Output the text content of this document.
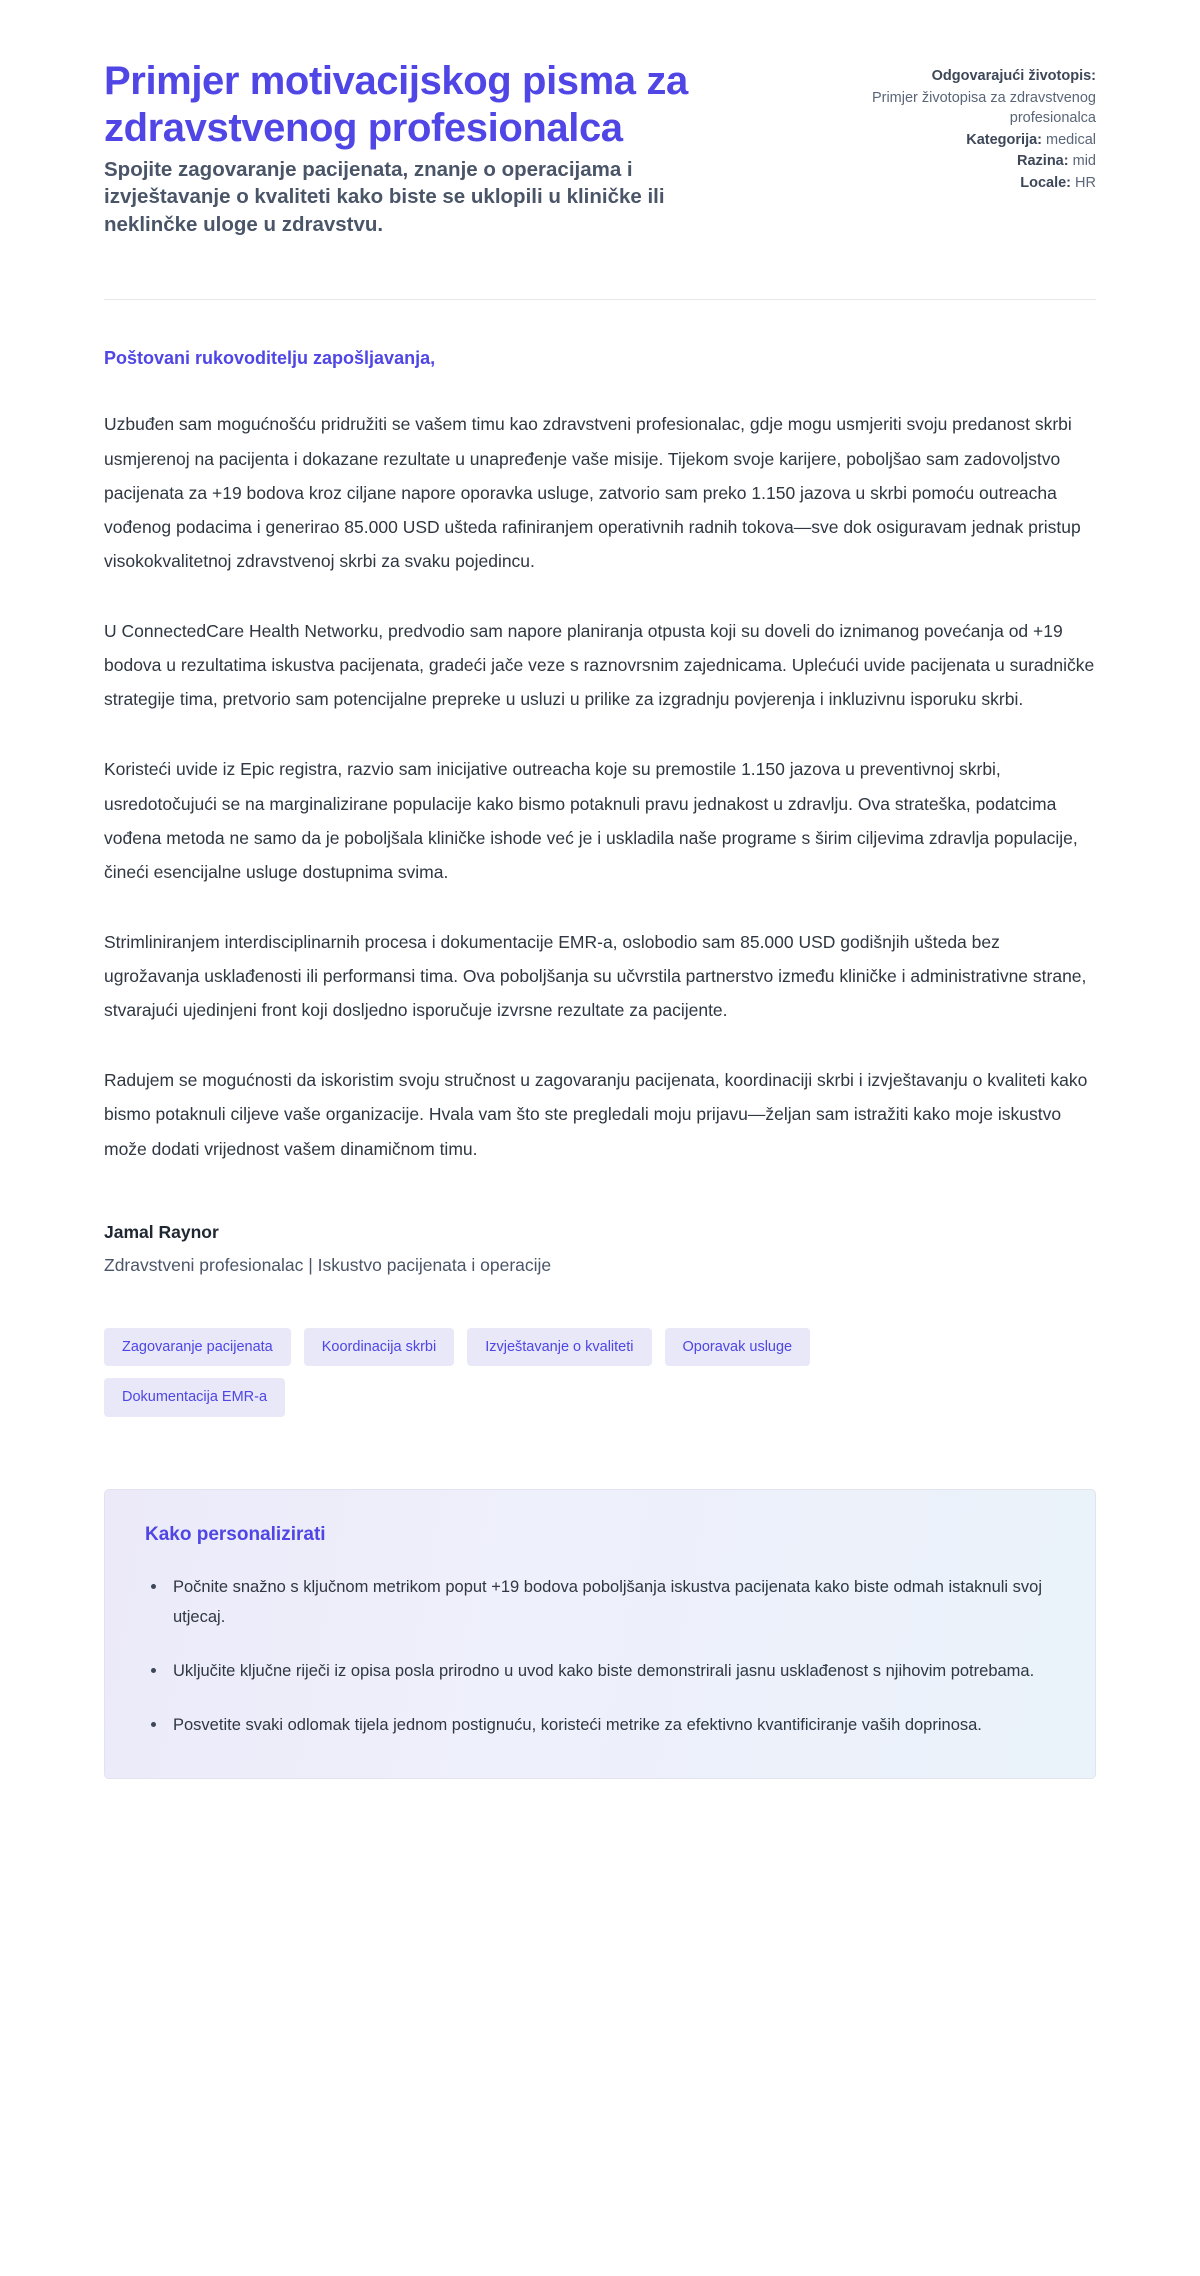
Primjer motivacijskog pisma za zdravstvenog profesionalca

Spojite zagovaranje pacijenata, znanje o operacijama i izvještavanje o kvaliteti kako biste se uklopili u kliničke ili neklinčke uloge u zdravstvu.

Odgovarajući životopis:
Primjer životopisa za zdravstvenog profesionalca
Kategorija: medical
Razina: mid
Locale: HR

Poštovani rukovoditelju zapošljavanja,

Uzbuđen sam mogućnošću pridružiti se vašem timu kao zdravstveni profesionalac, gdje mogu usmjeriti svoju predanost skrbi usmjerenoj na pacijenta i dokazane rezultate u unapređenje vaše misije. Tijekom svoje karijere, poboljšao sam zadovoljstvo pacijenata za +19 bodova kroz ciljane napore oporavka usluge, zatvorio sam preko 1.150 jazova u skrbi pomoću outreacha vođenog podacima i generirao 85.000 USD ušteda rafiniranjem operativnih radnih tokova—sve dok osiguravam jednak pristup visokokvalitetnoj zdravstvenoj skrbi za svaku pojedincu.

U ConnectedCare Health Networku, predvodio sam napore planiranja otpusta koji su doveli do iznimanog povećanja od +19 bodova u rezultatima iskustva pacijenata, gradeći jače veze s raznovrsnim zajednicama. Uplećući uvide pacijenata u suradničke strategije tima, pretvorio sam potencijalne prepreke u usluzi u prilike za izgradnju povjerenja i inkluzivnu isporuku skrbi.

Koristeći uvide iz Epic registra, razvio sam inicijative outreacha koje su premostile 1.150 jazova u preventivnoj skrbi, usredotočujući se na marginalizirane populacije kako bismo potaknuli pravu jednakost u zdravlju. Ova strateška, podatcima vođena metoda ne samo da je poboljšala kliničke ishode već je i uskladila naše programe s širim ciljevima zdravlja populacije, čineći esencijalne usluge dostupnima svima.

Strimliniranjem interdisciplinarnih procesa i dokumentacije EMR-a, oslobodio sam 85.000 USD godišnjih ušteda bez ugrožavanja usklađenosti ili performansi tima. Ova poboljšanja su učvrstila partnerstvo između kliničke i administrativne strane, stvarajući ujedinjeni front koji dosljedno isporučuje izvrsne rezultate za pacijente.

Radujem se mogućnosti da iskoristim svoju stručnost u zagovaranju pacijenata, koordinaciji skrbi i izvještavanju o kvaliteti kako bismo potaknuli ciljeve vaše organizacije. Hvala vam što ste pregledali moju prijavu—željan sam istražiti kako moje iskustvo može dodati vrijednost vašem dinamičnom timu.

Jamal Raynor

Zdravstveni profesionalac | Iskustvo pacijenata i operacije

Zagovaranje pacijenata	Koordinacija skrbi	Izvještavanje o kvaliteti	Oporavak usluge
Dokumentacija EMR-a
Kako personalizirati
Počnite snažno s ključnom metrikom poput +19 bodova poboljšanja iskustva pacijenata kako biste odmah istaknuli svoj utjecaj.
Uključite ključne riječi iz opisa posla prirodno u uvod kako biste demonstrirali jasnu usklađenost s njihovim potrebama.
Posvetite svaki odlomak tijela jednom postignuću, koristeći metrike za efektivno kvantificiranje vaših doprinosa.
